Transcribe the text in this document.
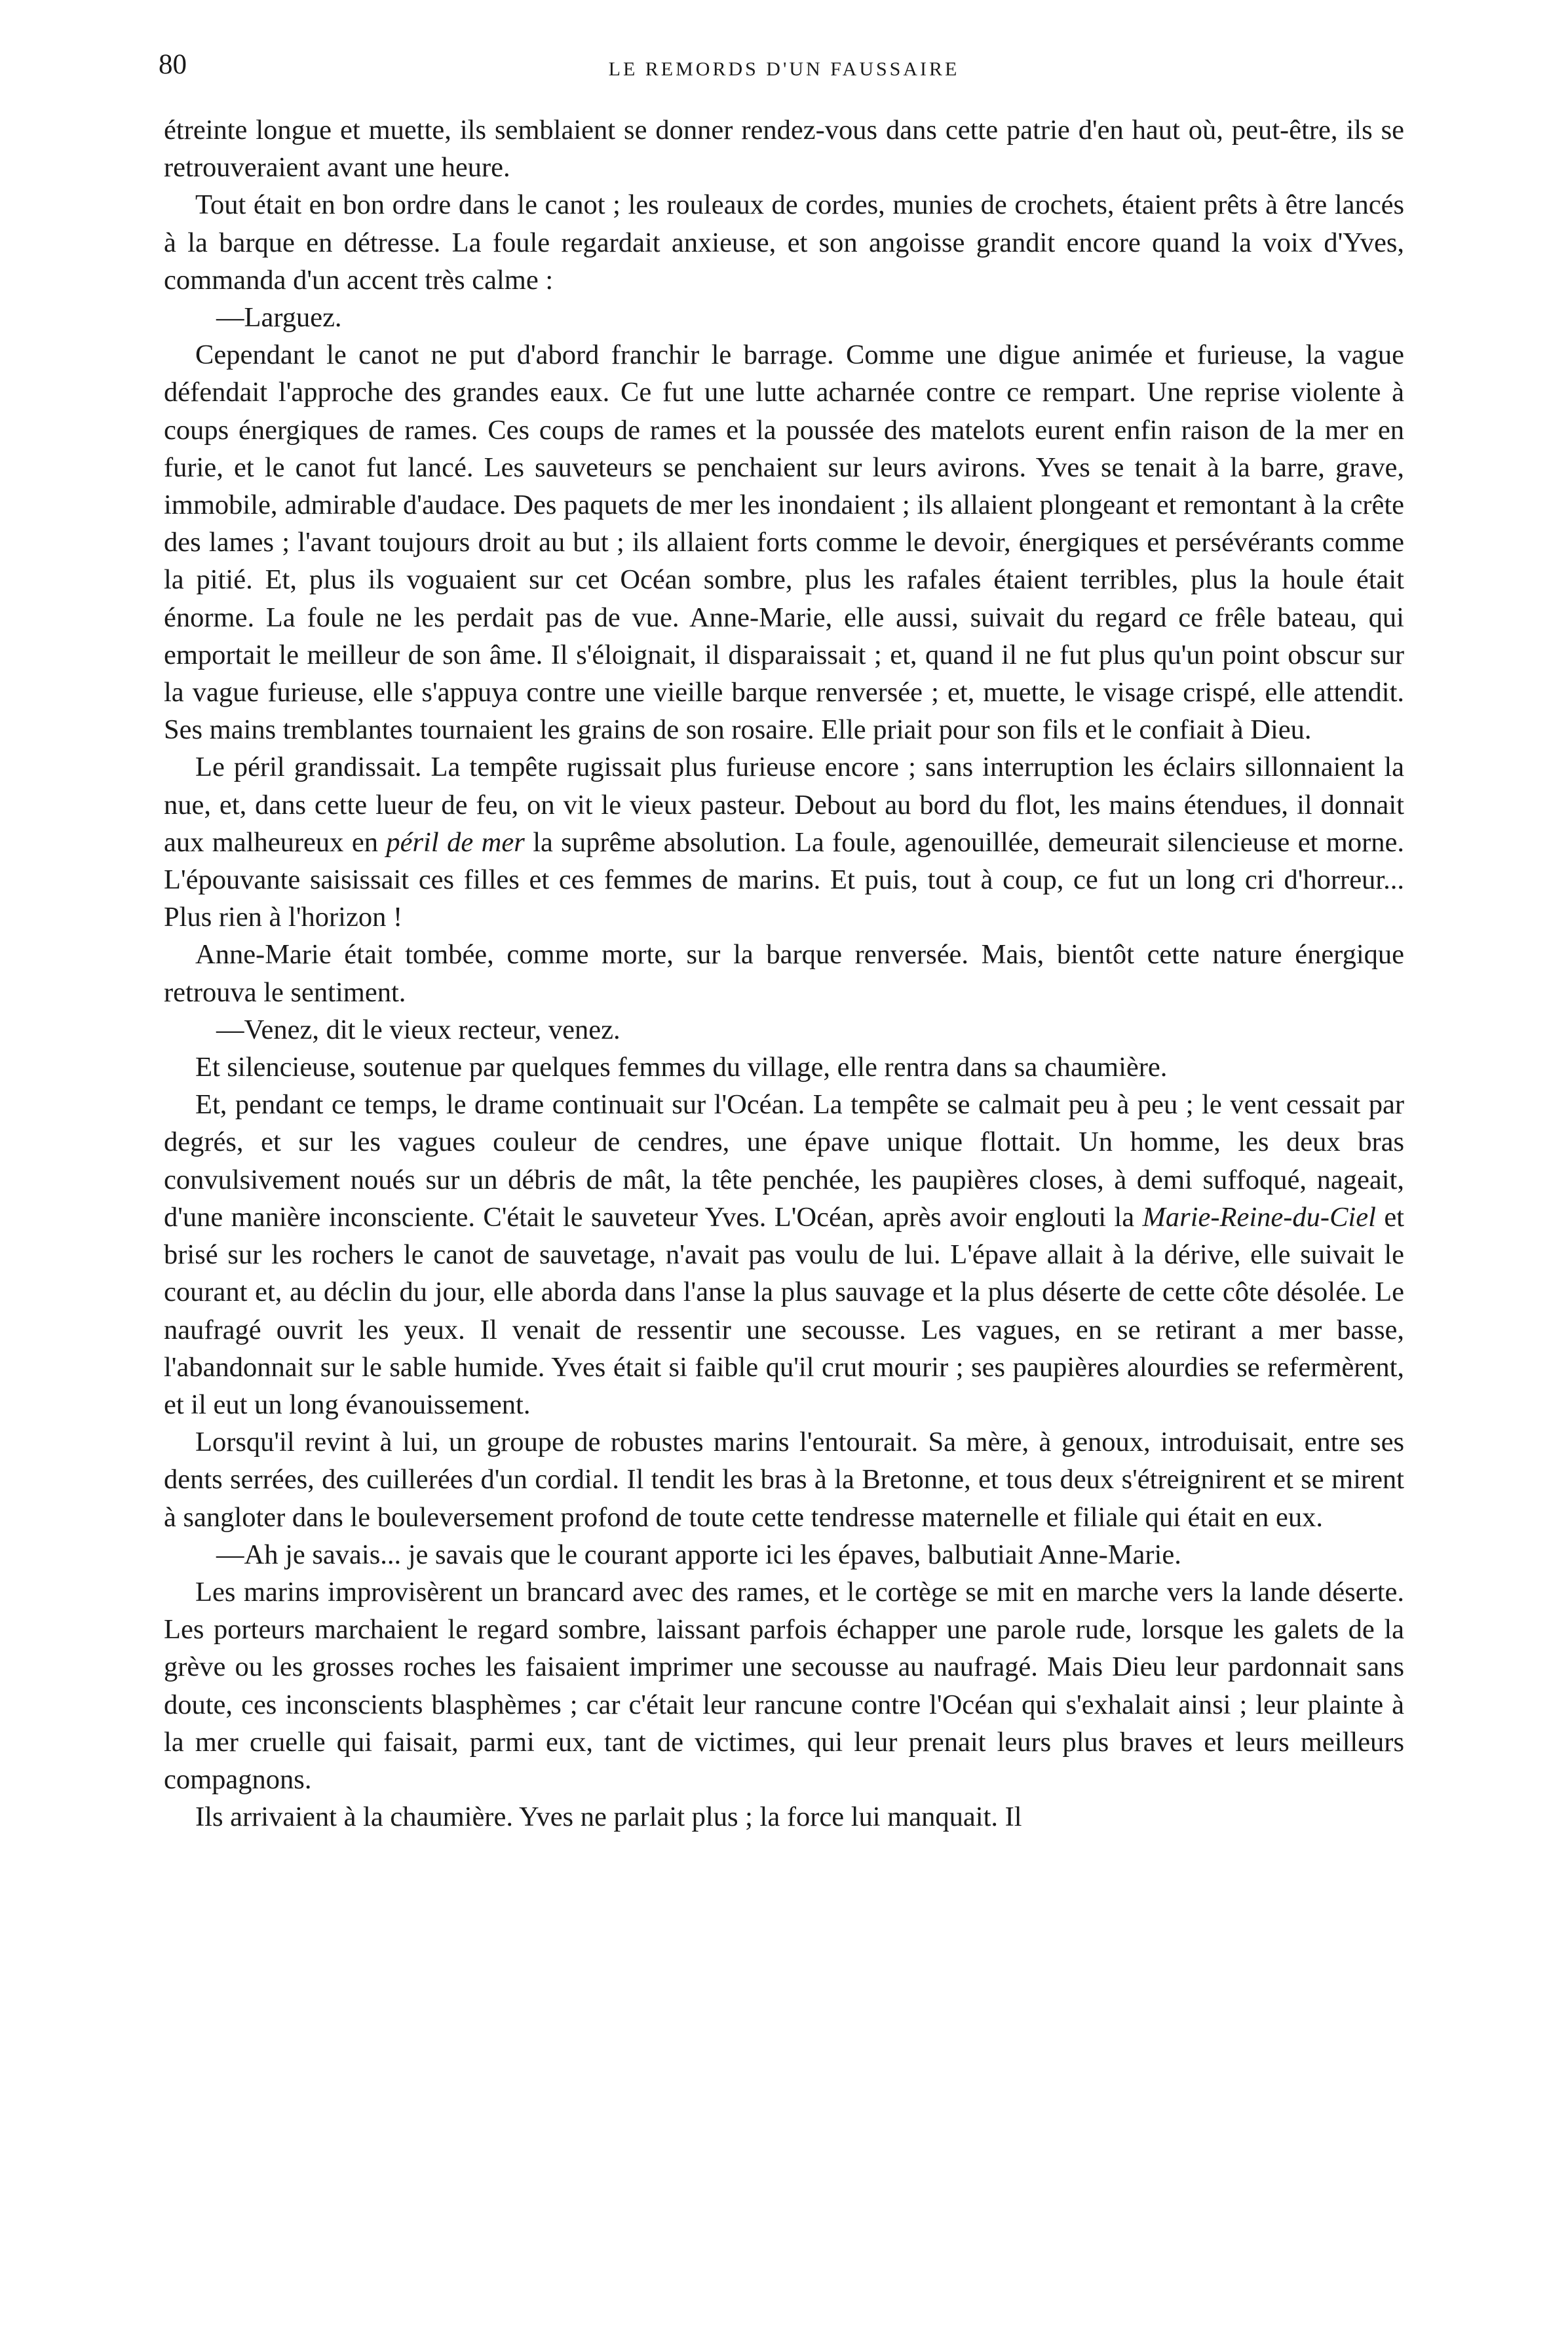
80	LE REMORDS D'UN FAUSSAIRE

étreinte longue et muette, ils semblaient se donner rendez-vous dans cette patrie d'en haut où, peut-être, ils se retrouveraient avant une heure.

Tout était en bon ordre dans le canot ; les rouleaux de cordes, munies de crochets, étaient prêts à être lancés à la barque en détresse. La foule regardait anxieuse, et son angoisse grandit encore quand la voix d'Yves, commanda d'un accent très calme :

—Larguez.

Cependant le canot ne put d'abord franchir le barrage. Comme une digue animée et furieuse, la vague défendait l'approche des grandes eaux. Ce fut une lutte acharnée contre ce rempart. Une reprise violente à coups énergiques de rames. Ces coups de rames et la poussée des matelots eurent enfin raison de la mer en furie, et le canot fut lancé. Les sauveteurs se penchaient sur leurs avirons. Yves se tenait à la barre, grave, immobile, admirable d'audace. Des paquets de mer les inondaient ; ils allaient plongeant et remontant à la crête des lames ; l'avant toujours droit au but ; ils allaient forts comme le devoir, énergiques et persévérants comme la pitié. Et, plus ils voguaient sur cet Océan sombre, plus les rafales étaient terribles, plus la houle était énorme. La foule ne les perdait pas de vue. Anne-Marie, elle aussi, suivait du regard ce frêle bateau, qui emportait le meilleur de son âme. Il s'éloignait, il disparaissait ; et, quand il ne fut plus qu'un point obscur sur la vague furieuse, elle s'appuya contre une vieille barque renversée ; et, muette, le visage crispé, elle attendit. Ses mains tremblantes tournaient les grains de son rosaire. Elle priait pour son fils et le confiait à Dieu.

Le péril grandissait. La tempête rugissait plus furieuse encore ; sans interruption les éclairs sillonnaient la nue, et, dans cette lueur de feu, on vit le vieux pasteur. Debout au bord du flot, les mains étendues, il donnait aux malheureux en péril de mer la suprême absolution. La foule, agenouillée, demeurait silencieuse et morne. L'épouvante saisissait ces filles et ces femmes de marins. Et puis, tout à coup, ce fut un long cri d'horreur... Plus rien à l'horizon !

Anne-Marie était tombée, comme morte, sur la barque renversée. Mais, bientôt cette nature énergique retrouva le sentiment.

—Venez, dit le vieux recteur, venez.

Et silencieuse, soutenue par quelques femmes du village, elle rentra dans sa chaumière.

Et, pendant ce temps, le drame continuait sur l'Océan. La tempête se calmait peu à peu ; le vent cessait par degrés, et sur les vagues couleur de cendres, une épave unique flottait. Un homme, les deux bras convulsivement noués sur un débris de mât, la tête penchée, les paupières closes, à demi suffoqué, nageait, d'une manière inconsciente. C'était le sauveteur Yves. L'Océan, après avoir englouti la Marie-Reine-du-Ciel et brisé sur les rochers le canot de sauvetage, n'avait pas voulu de lui. L'épave allait à la dérive, elle suivait le courant et, au déclin du jour, elle aborda dans l'anse la plus sauvage et la plus déserte de cette côte désolée. Le naufragé ouvrit les yeux. Il venait de ressentir une secousse. Les vagues, en se retirant a mer basse, l'abandonnait sur le sable humide. Yves était si faible qu'il crut mourir ; ses paupières alourdies se refermèrent, et il eut un long évanouissement.

Lorsqu'il revint à lui, un groupe de robustes marins l'entourait. Sa mère, à genoux, introduisait, entre ses dents serrées, des cuillerées d'un cordial. Il tendit les bras à la Bretonne, et tous deux s'étreignirent et se mirent à sangloter dans le bouleversement profond de toute cette tendresse maternelle et filiale qui était en eux.

—Ah je savais... je savais que le courant apporte ici les épaves, balbutiait Anne-Marie.

Les marins improvisèrent un brancard avec des rames, et le cortège se mit en marche vers la lande déserte. Les porteurs marchaient le regard sombre, laissant parfois échapper une parole rude, lorsque les galets de la grève ou les grosses roches les faisaient imprimer une secousse au naufragé. Mais Dieu leur pardonnait sans doute, ces inconscients blasphèmes ; car c'était leur rancune contre l'Océan qui s'exhalait ainsi ; leur plainte à la mer cruelle qui faisait, parmi eux, tant de victimes, qui leur prenait leurs plus braves et leurs meilleurs compagnons.

Ils arrivaient à la chaumière. Yves ne parlait plus ; la force lui manquait. Il
